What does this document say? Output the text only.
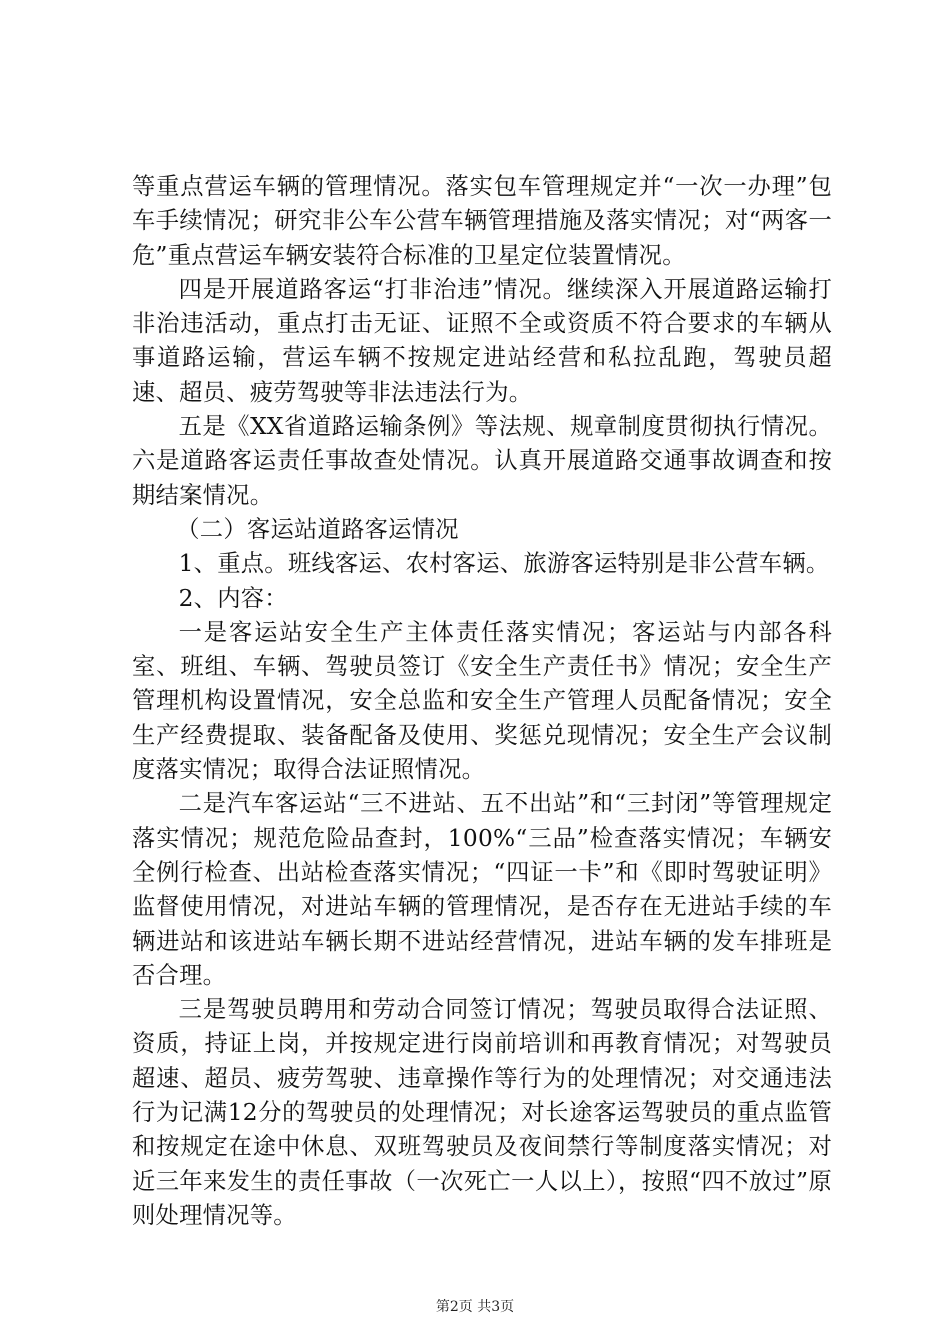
等重点营运车辆的管理情况。落实包车管理规定并“一次一办理”包车手续情况；研究非公车公营车辆管理措施及落实情况；对“两客一危”重点营运车辆安装符合标准的卫星定位装置情况。

四是开展道路客运“打非治违”情况。继续深入开展道路运输打非治违活动，重点打击无证、证照不全或资质不符合要求的车辆从事道路运输，营运车辆不按规定进站经营和私拉乱跑，驾驶员超速、超员、疲劳驾驶等非法违法行为。

五是《XX省道路运输条例》等法规、规章制度贯彻执行情况。六是道路客运责任事故查处情况。认真开展道路交通事故调查和按期结案情况。

（二）客运站道路客运情况

1、重点。班线客运、农村客运、旅游客运特别是非公营车辆。

2、内容：

一是客运站安全生产主体责任落实情况；客运站与内部各科室、班组、车辆、驾驶员签订《安全生产责任书》情况；安全生产管理机构设置情况，安全总监和安全生产管理人员配备情况；安全生产经费提取、装备配备及使用、奖惩兑现情况；安全生产会议制度落实情况；取得合法证照情况。

二是汽车客运站“三不进站、五不出站”和“三封闭”等管理规定落实情况；规范危险品查封，100%“三品”检查落实情况；车辆安全例行检查、出站检查落实情况；“四证一卡”和《即时驾驶证明》监督使用情况，对进站车辆的管理情况，是否存在无进站手续的车辆进站和该进站车辆长期不进站经营情况，进站车辆的发车排班是否合理。

三是驾驶员聘用和劳动合同签订情况；驾驶员取得合法证照、资质，持证上岗，并按规定进行岗前培训和再教育情况；对驾驶员超速、超员、疲劳驾驶、违章操作等行为的处理情况；对交通违法行为记满12分的驾驶员的处理情况；对长途客运驾驶员的重点监管和按规定在途中休息、双班驾驶员及夜间禁行等制度落实情况；对近三年来发生的责任事故（一次死亡一人以上），按照“四不放过”原则处理情况等。

第2页 共3页
